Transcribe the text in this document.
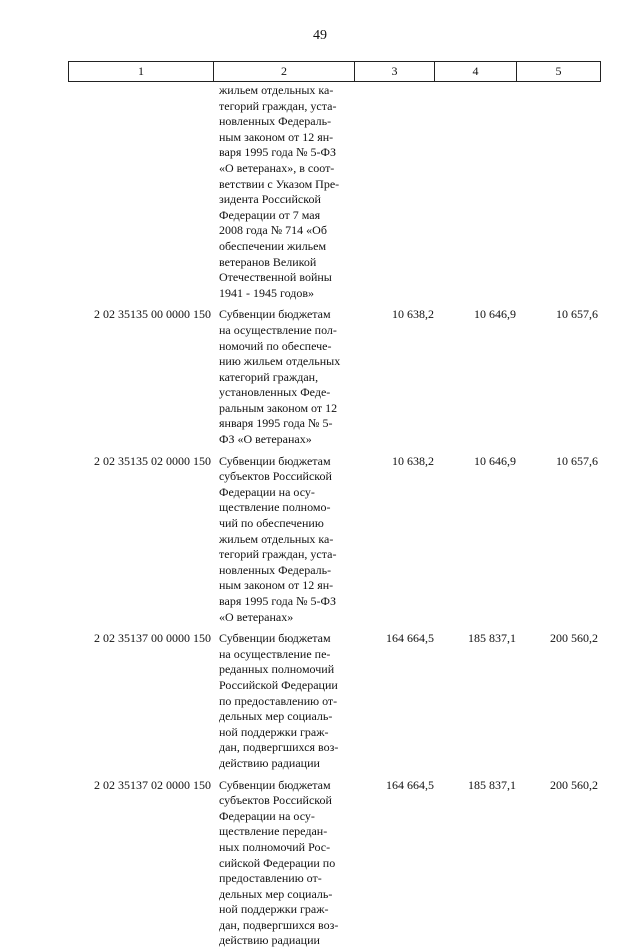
49
1	2	3	4	5
жильем отдельных ка-
тегорий граждан, уста-
новленных Федераль-
ным законом от 12 ян-
варя 1995 года № 5-ФЗ
«О ветеранах», в соот-
ветствии с Указом Пре-
зидента Российской
Федерации от 7 мая
2008 года № 714 «Об
обеспечении жильем
ветеранов Великой
Отечественной войны
1941 - 1945 годов»
2 02 35135 00 0000 150 Субвенции бюджетам
на осуществление пол-
номочий по обеспече-
нию жильем отдельных
категорий граждан,
установленных Феде-
ральным законом от 12
января 1995 года № 5-
ФЗ «О ветеранах»
10 638,2	10 646,9	10 657,6
2 02 35135 02 0000 150 Субвенции бюджетам
субъектов Российской
Федерации на осу-
ществление полномо-
чий по обеспечению
жильем отдельных ка-
тегорий граждан, уста-
новленных Федераль-
ным законом от 12 ян-
варя 1995 года № 5-ФЗ
«О ветеранах»
10 638,2	10 646,9	10 657,6
2 02 35137 00 0000 150 Субвенции бюджетам
на осуществление пе-
реданных полномочий
Российской Федерации
по предоставлению от-
дельных мер социаль-
ной поддержки граж-
дан, подвергшихся воз-
действию радиации
164 664,5	185 837,1	200 560,2
2 02 35137 02 0000 150 Субвенции бюджетам
субъектов Российской
Федерации на осу-
ществление передан-
ных полномочий Рос-
сийской Федерации по
предоставлению от-
дельных мер социаль-
ной поддержки граж-
дан, подвергшихся воз-
действию радиации
164 664,5	185 837,1	200 560,2
